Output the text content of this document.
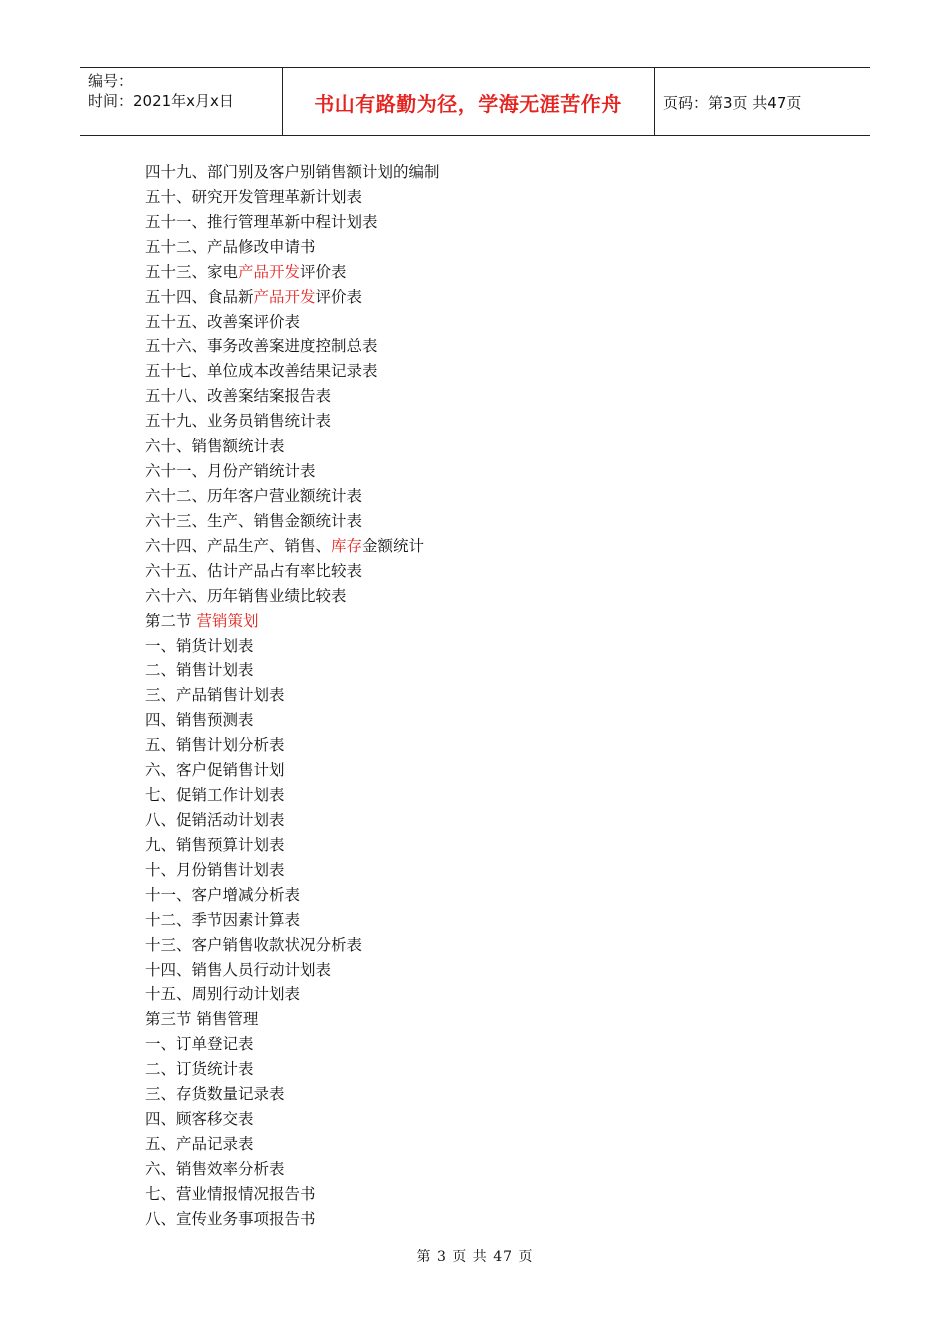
编号：
时间：2021年x月x日	书山有路勤为径，学海无涯苦作舟	页码：第3页 共47页
四十九、部门别及客户别销售额计划的编制
五十、研究开发管理革新计划表
五十一、推行管理革新中程计划表
五十二、产品修改申请书
五十三、家电产品开发评价表
五十四、食品新产品开发评价表
五十五、改善案评价表
五十六、事务改善案进度控制总表
五十七、单位成本改善结果记录表
五十八、改善案结案报告表
五十九、业务员销售统计表
六十、销售额统计表
六十一、月份产销统计表
六十二、历年客户营业额统计表
六十三、生产、销售金额统计表
六十四、产品生产、销售、库存金额统计
六十五、估计产品占有率比较表
六十六、历年销售业绩比较表
第二节 营销策划
一、销货计划表
二、销售计划表
三、产品销售计划表
四、销售预测表
五、销售计划分析表
六、客户促销售计划
七、促销工作计划表
八、促销活动计划表
九、销售预算计划表
十、月份销售计划表
十一、客户增减分析表
十二、季节因素计算表
十三、客户销售收款状况分析表
十四、销售人员行动计划表
十五、周别行动计划表
第三节 销售管理
一、订单登记表
二、订货统计表
三、存货数量记录表
四、顾客移交表
五、产品记录表
六、销售效率分析表
七、营业情报情况报告书
八、宣传业务事项报告书
第 3 页 共 47 页
